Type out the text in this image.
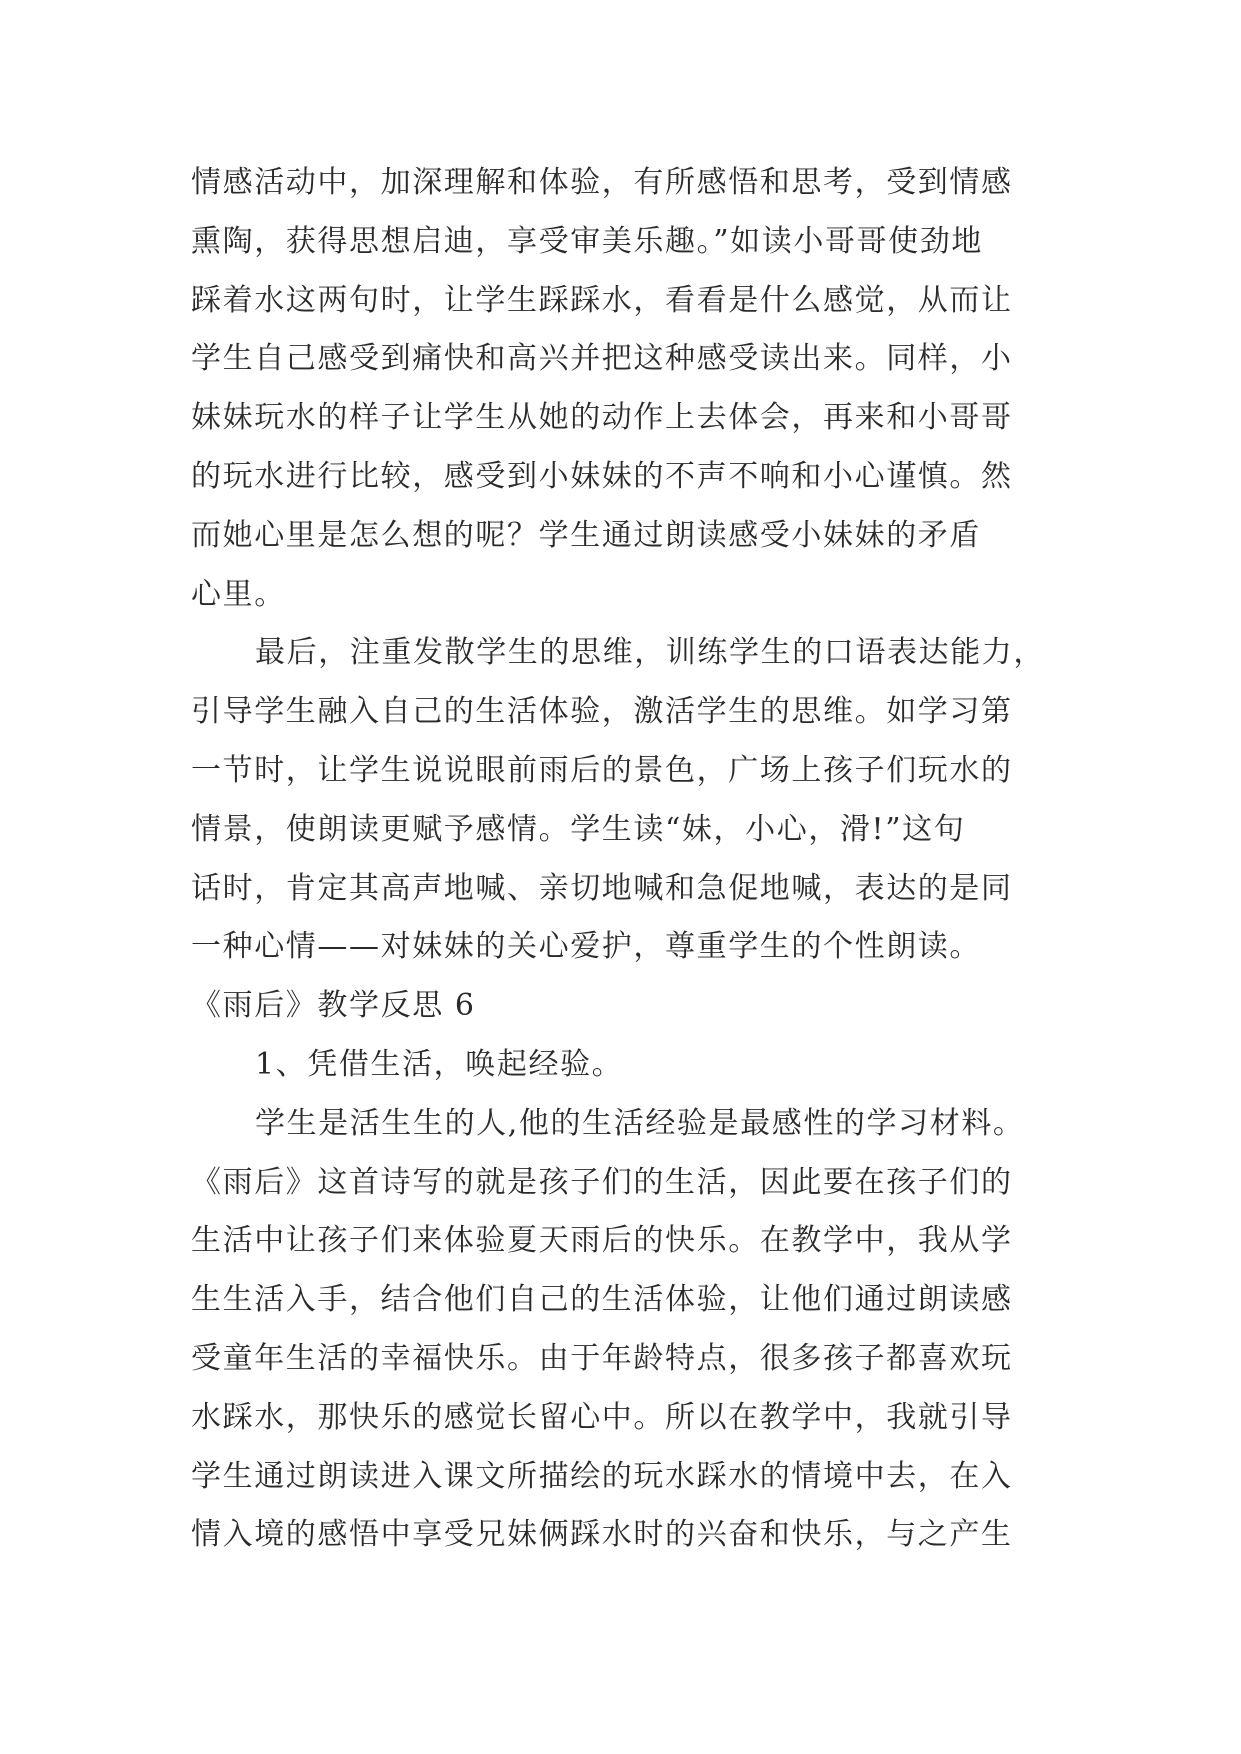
情感活动中，加深理解和体验，有所感悟和思考，受到情感
熏陶，获得思想启迪，享受审美乐趣。”如读小哥哥使劲地
踩着水这两句时，让学生踩踩水，看看是什么感觉，从而让
学生自己感受到痛快和高兴并把这种感受读出来。同样，小
妹妹玩水的样子让学生从她的动作上去体会，再来和小哥哥
的玩水进行比较，感受到小妹妹的不声不响和小心谨慎。然
而她心里是怎么想的呢？学生通过朗读感受小妹妹的矛盾
心里。
最后，注重发散学生的思维，训练学生的口语表达能力，
引导学生融入自己的生活体验，激活学生的思维。如学习第
一节时，让学生说说眼前雨后的景色，广场上孩子们玩水的
情景，使朗读更赋予感情。学生读“妹，小心，滑!”这句
话时，肯定其高声地喊、亲切地喊和急促地喊，表达的是同
一种心情——对妹妹的关心爱护，尊重学生的个性朗读。
《雨后》教学反思 6
1、凭借生活，唤起经验。
学生是活生生的人,他的生活经验是最感性的学习材料。
《雨后》这首诗写的就是孩子们的生活，因此要在孩子们的
生活中让孩子们来体验夏天雨后的快乐。在教学中，我从学
生生活入手，结合他们自己的生活体验，让他们通过朗读感
受童年生活的幸福快乐。由于年龄特点，很多孩子都喜欢玩
水踩水，那快乐的感觉长留心中。所以在教学中，我就引导
学生通过朗读进入课文所描绘的玩水踩水的情境中去，在入
情入境的感悟中享受兄妹俩踩水时的兴奋和快乐，与之产生
